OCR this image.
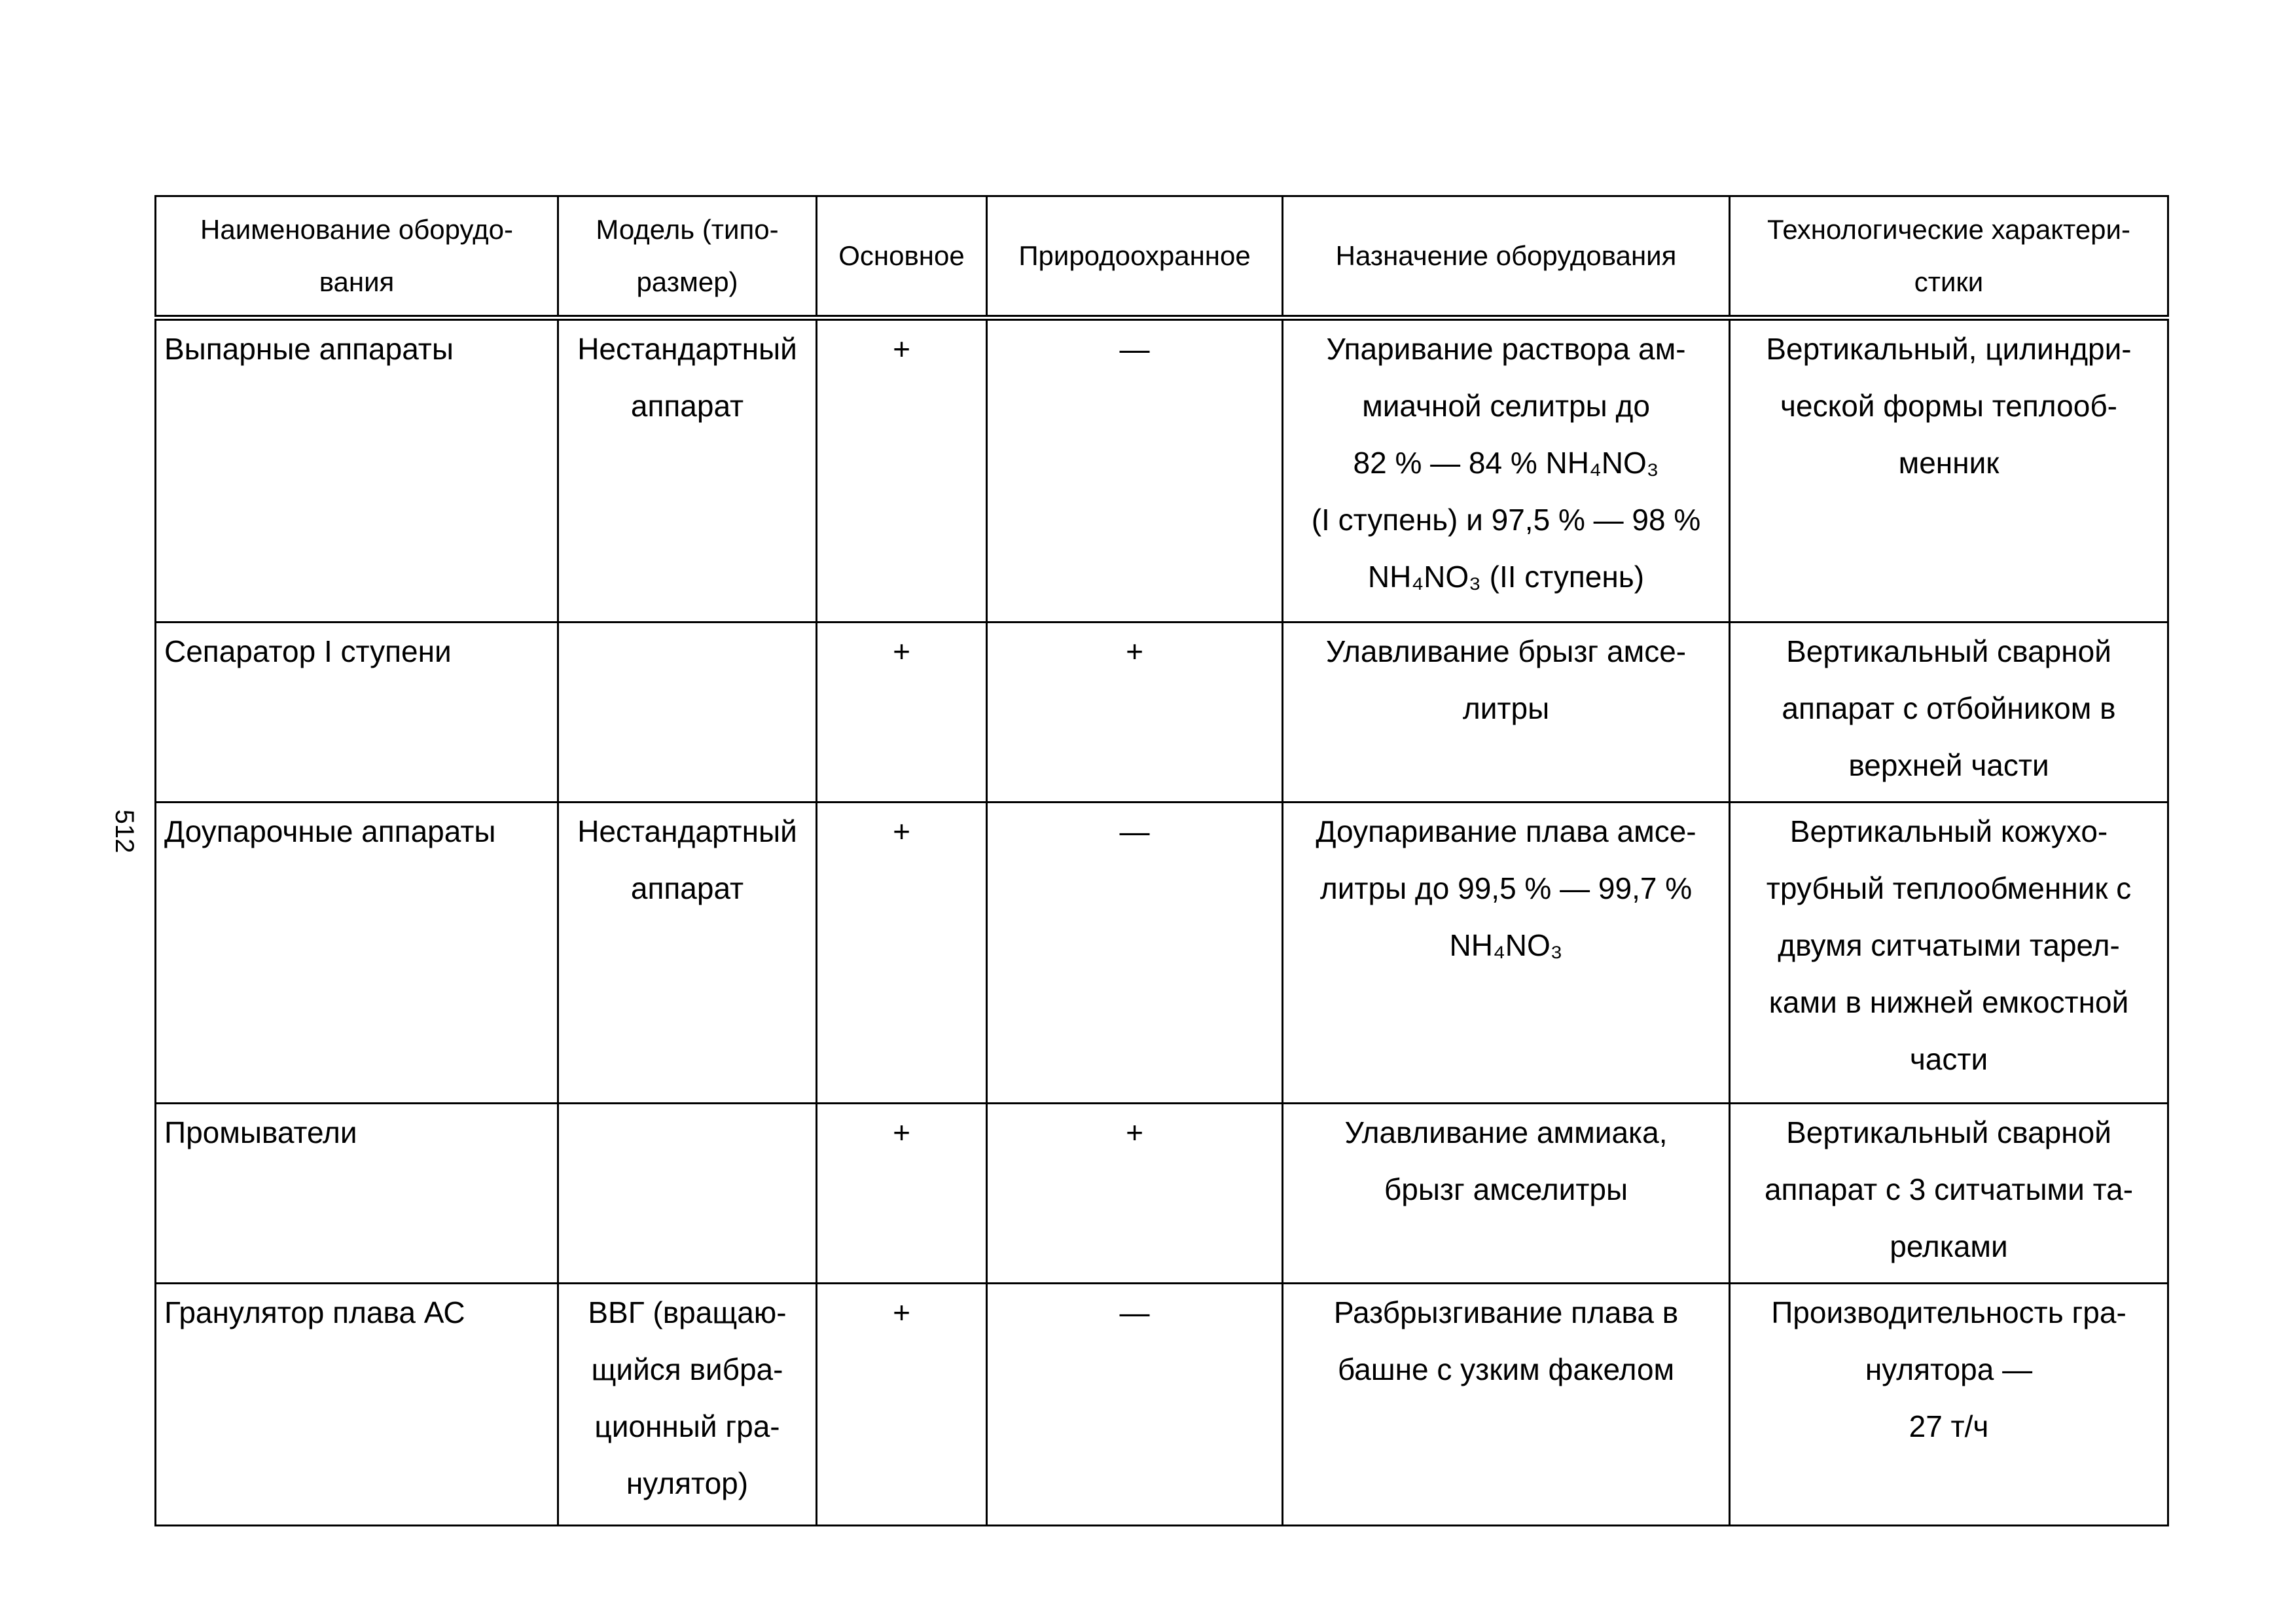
512
Наименование оборудо-
вания	Модель (типо-
размер)	Основное	Природоохранное	Назначение оборудования	Технологические характери-
стики

Выпарные аппараты	Нестандартный
аппарат	+	—	Упаривание раствора ам-
миачной селитры до
82 % — 84 % NH₄NO₃
(I ступень) и 97,5 % — 98 %
NH₄NO₃ (II ступень)	Вертикальный, цилиндри-
ческой формы теплооб-
менник

Сепаратор I ступени		+	+	Улавливание брызг амсе-
литры	Вертикальный сварной
аппарат с отбойником в
верхней части

Доупарочные аппараты	Нестандартный
аппарат	+	—	Доупаривание плава амсе-
литры до 99,5 % — 99,7 %
NH₄NO₃	Вертикальный кожухо-
трубный теплообменник с
двумя ситчатыми тарел-
ками в нижней емкостной
части

Промыватели		+	+	Улавливание аммиака,
брызг амселитры	Вертикальный сварной
аппарат с 3 ситчатыми та-
релками

Гранулятор плава АС	ВВГ (вращаю-
щийся вибра-
ционный гра-
нулятор)	+	—	Разбрызгивание плава в
башне с узким факелом	Производительность гра-
нулятора —
27 т/ч
